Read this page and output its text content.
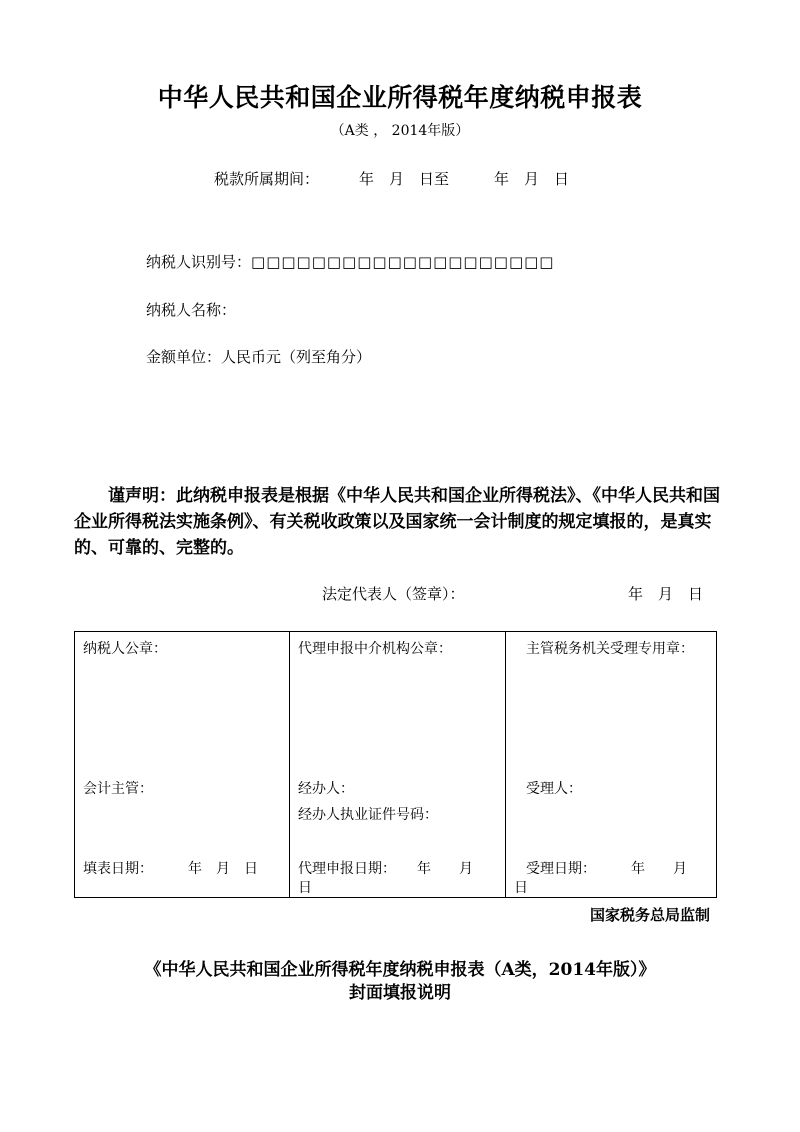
中华人民共和国企业所得税年度纳税申报表
（A类 ， 2014年版）
税款所属期间：	年　月　日至　　　年　月　日
纳税人识别号：□□□□□□□□□□□□□□□□□□□□
纳税人名称：
金额单位：人民币元（列至角分）
谨声明：此纳税申报表是根据《中华人民共和国企业所得税法》、《中华人民共和国企业所得税法实施条例》、有关税收政策以及国家统一会计制度的规定填报的，是真实的、可靠的、完整的。
法定代表人（签章）：	年　月　日
纳税人公章：
会计主管：
填表日期：　　　年　月　日

代理申报中介机构公章：
经办人：
经办人执业证件号码：
代理申报日期：　　年　　月
日

主管税务机关受理专用章：
受理人：
受理日期：　　　年　　月
日
国家税务总局监制
《中华人民共和国企业所得税年度纳税申报表（A类，2014年版）》
封面填报说明
